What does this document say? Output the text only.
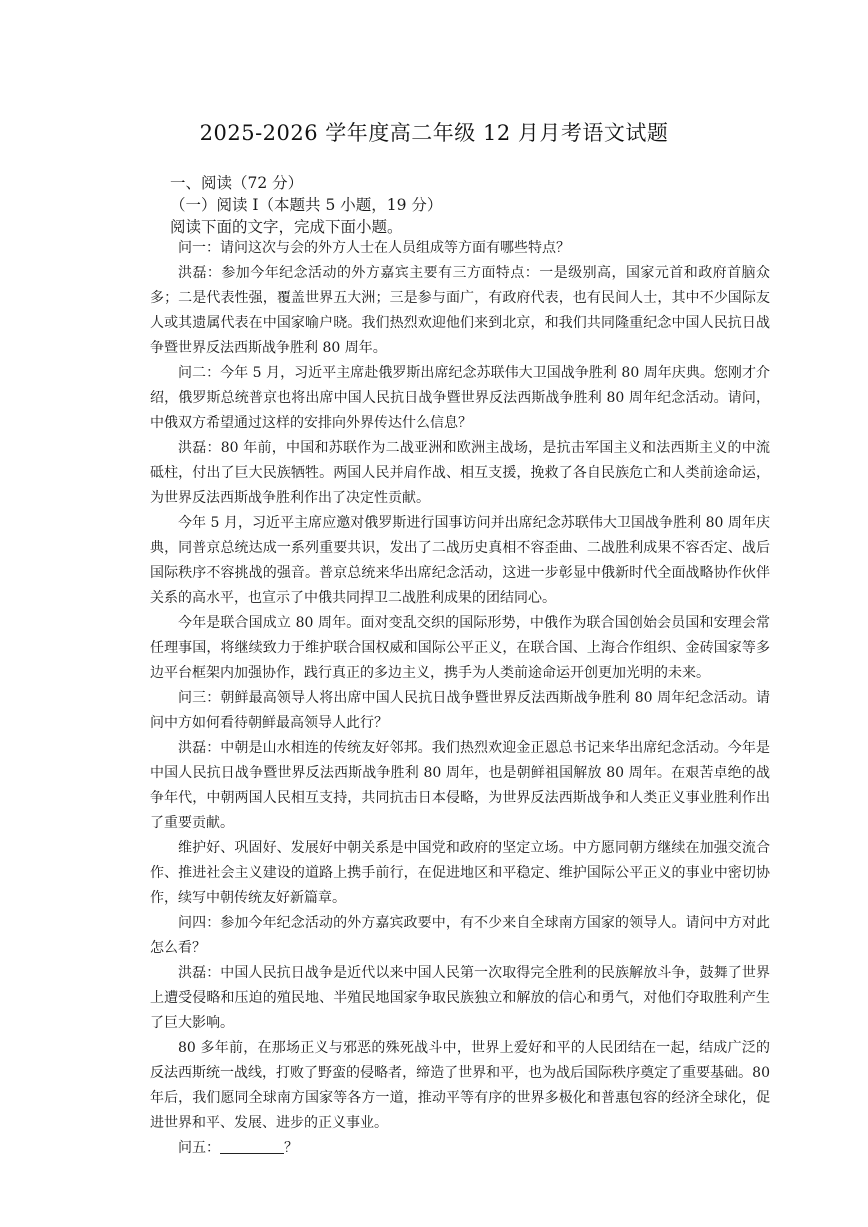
2025-2026 学年度高二年级 12 月月考语文试题
一、阅读（72 分）
（一）阅读 I（本题共 5 小题，19 分）
阅读下面的文字，完成下面小题。

问一：请问这次与会的外方人士在人员组成等方面有哪些特点？

洪磊：参加今年纪念活动的外方嘉宾主要有三方面特点：一是级别高，国家元首和政府首脑众多；二是代表性强，覆盖世界五大洲；三是参与面广，有政府代表，也有民间人士，其中不少国际友人或其遗属代表在中国家喻户晓。我们热烈欢迎他们来到北京，和我们共同隆重纪念中国人民抗日战争暨世界反法西斯战争胜利 80 周年。

问二：今年 5 月，习近平主席赴俄罗斯出席纪念苏联伟大卫国战争胜利 80 周年庆典。您刚才介绍，俄罗斯总统普京也将出席中国人民抗日战争暨世界反法西斯战争胜利 80 周年纪念活动。请问，中俄双方希望通过这样的安排向外界传达什么信息？

洪磊：80 年前，中国和苏联作为二战亚洲和欧洲主战场，是抗击军国主义和法西斯主义的中流砥柱，付出了巨大民族牺牲。两国人民并肩作战、相互支援，挽救了各自民族危亡和人类前途命运，为世界反法西斯战争胜利作出了决定性贡献。

今年 5 月，习近平主席应邀对俄罗斯进行国事访问并出席纪念苏联伟大卫国战争胜利 80 周年庆典，同普京总统达成一系列重要共识，发出了二战历史真相不容歪曲、二战胜利成果不容否定、战后国际秩序不容挑战的强音。普京总统来华出席纪念活动，这进一步彰显中俄新时代全面战略协作伙伴关系的高水平，也宣示了中俄共同捍卫二战胜利成果的团结同心。

今年是联合国成立 80 周年。面对变乱交织的国际形势，中俄作为联合国创始会员国和安理会常任理事国，将继续致力于维护联合国权威和国际公平正义，在联合国、上海合作组织、金砖国家等多边平台框架内加强协作，践行真正的多边主义，携手为人类前途命运开创更加光明的未来。

问三：朝鲜最高领导人将出席中国人民抗日战争暨世界反法西斯战争胜利 80 周年纪念活动。请问中方如何看待朝鲜最高领导人此行？

洪磊：中朝是山水相连的传统友好邻邦。我们热烈欢迎金正恩总书记来华出席纪念活动。今年是中国人民抗日战争暨世界反法西斯战争胜利 80 周年，也是朝鲜祖国解放 80 周年。在艰苦卓绝的战争年代，中朝两国人民相互支持，共同抗击日本侵略，为世界反法西斯战争和人类正义事业胜利作出了重要贡献。

维护好、巩固好、发展好中朝关系是中国党和政府的坚定立场。中方愿同朝方继续在加强交流合作、推进社会主义建设的道路上携手前行，在促进地区和平稳定、维护国际公平正义的事业中密切协作，续写中朝传统友好新篇章。

问四：参加今年纪念活动的外方嘉宾政要中，有不少来自全球南方国家的领导人。请问中方对此怎么看？

洪磊：中国人民抗日战争是近代以来中国人民第一次取得完全胜利的民族解放斗争，鼓舞了世界上遭受侵略和压迫的殖民地、半殖民地国家争取民族独立和解放的信心和勇气，对他们夺取胜利产生了巨大影响。

80 多年前，在那场正义与邪恶的殊死战斗中，世界上爱好和平的人民团结在一起，结成广泛的反法西斯统一战线，打败了野蛮的侵略者，缔造了世界和平，也为战后国际秩序奠定了重要基础。80 年后，我们愿同全球南方国家等各方一道，推动平等有序的世界多极化和普惠包容的经济全球化，促进世界和平、发展、进步的正义事业。

问五：	？
